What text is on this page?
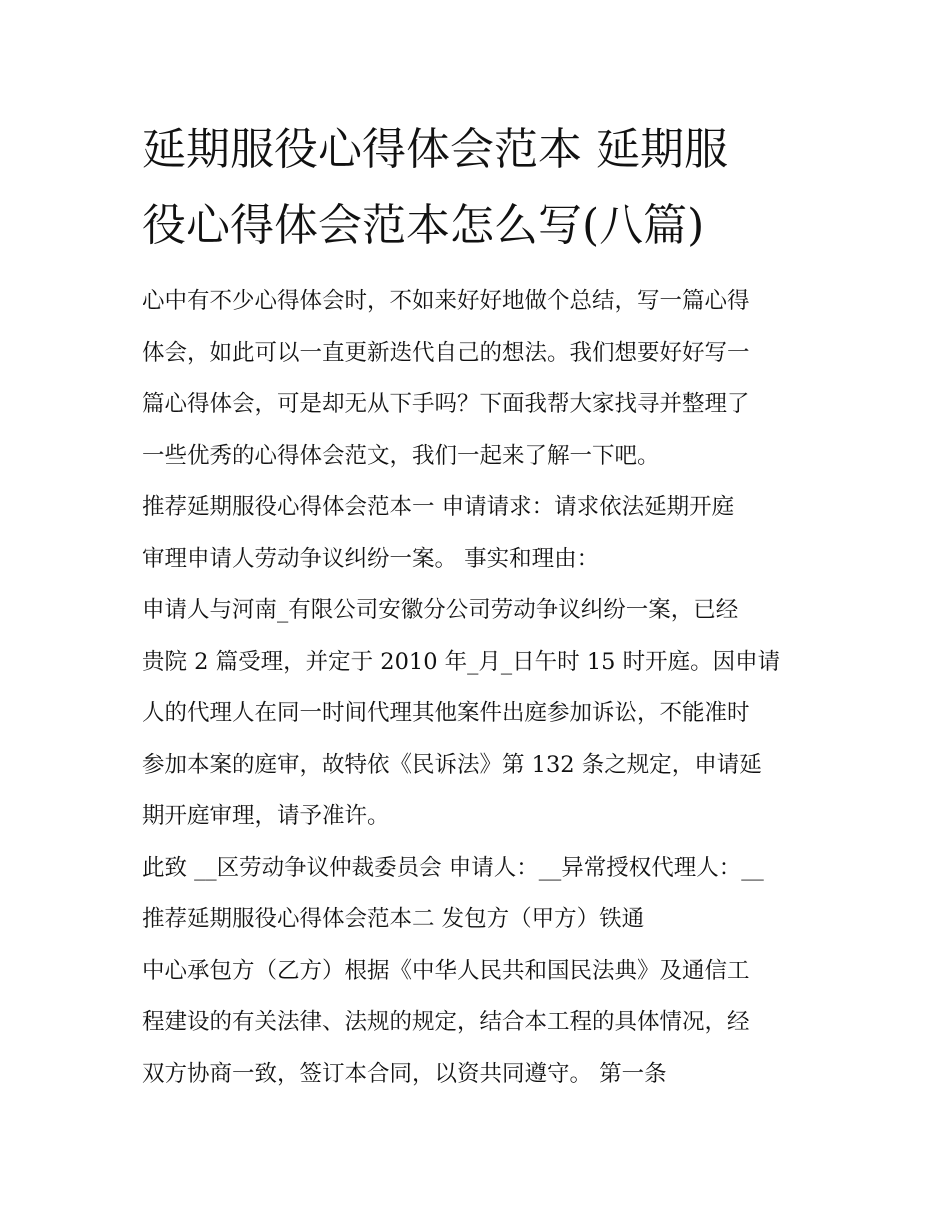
延期服役心得体会范本 延期服
役心得体会范本怎么写(八篇)
心中有不少心得体会时，不如来好好地做个总结，写一篇心得
体会，如此可以一直更新迭代自己的想法。我们想要好好写一
篇心得体会，可是却无从下手吗？下面我帮大家找寻并整理了
一些优秀的心得体会范文，我们一起来了解一下吧。
推荐延期服役心得体会范本一 申请请求：请求依法延期开庭
审理申请人劳动争议纠纷一案。 事实和理由：
申请人与河南_有限公司安徽分公司劳动争议纠纷一案，已经
贵院 2 篇受理，并定于 2010 年_月_日午时 15 时开庭。因申请
人的代理人在同一时间代理其他案件出庭参加诉讼，不能准时
参加本案的庭审，故特依《民诉法》第 132 条之规定，申请延
期开庭审理，请予准许。
此致 __区劳动争议仲裁委员会 申请人：__异常授权代理人：__
推荐延期服役心得体会范本二 发包方（甲方）铁通
中心承包方（乙方）根据《中华人民共和国民法典》及通信工
程建设的有关法律、法规的规定，结合本工程的具体情况，经
双方协商一致，签订本合同，以资共同遵守。 第一条
